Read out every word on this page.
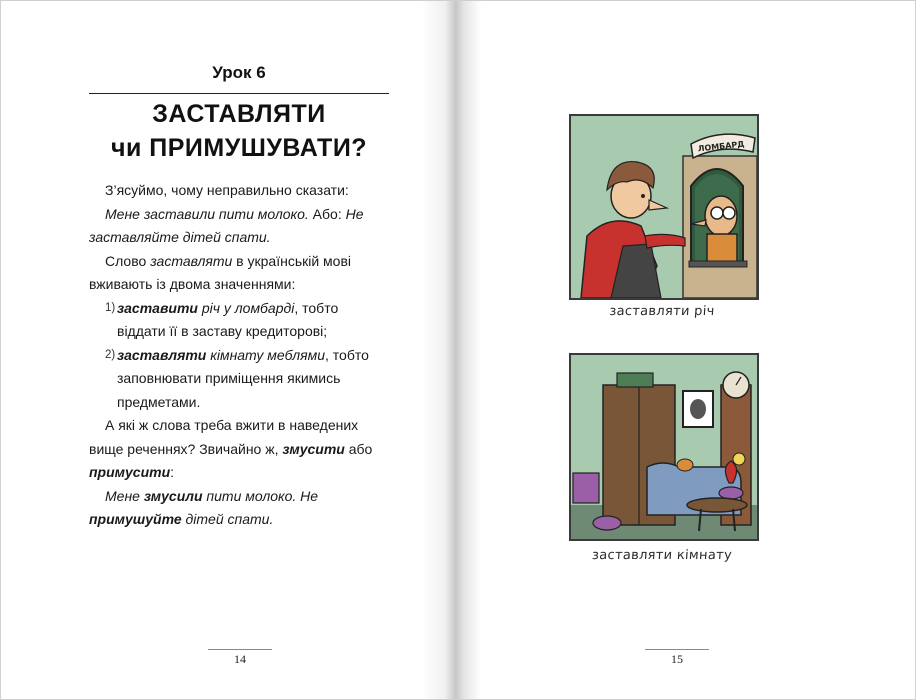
Урок 6
ЗАСТАВЛЯТИ
чи ПРИМУШУВАТИ?

З’ясуймо, чому неправильно сказати:

Мене заставили пити молоко. Або: Не заставляйте дітей спати.

Слово заставляти в українській мові вживають із двома значеннями:

1) заставити річ у ломбарді, тобто віддати її в заставу кредиторові;
2) заставляти кімнату меблями, тобто заповнювати приміщення якимись предметами.

А які ж слова треба вжити в наведених вище реченнях? Звичайно ж, змусити або примусити:

Мене змусили пити молоко. Не примушуйте дітей спати.

14
ЛОМБАРД
заставляти річ
заставляти кімнату
15
